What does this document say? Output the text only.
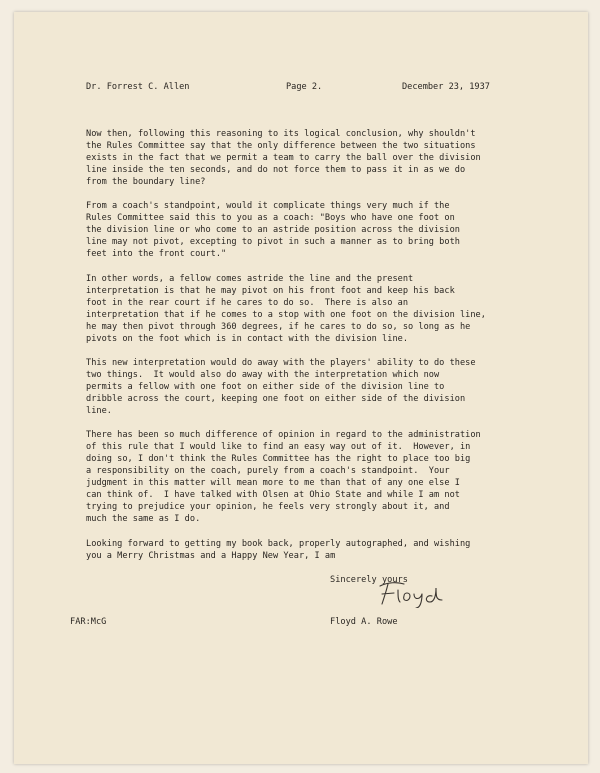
Dr. Forrest C. Allen	Page 2.	December 23, 1937
Now then, following this reasoning to its logical conclusion, why shouldn't
the Rules Committee say that the only difference between the two situations
exists in the fact that we permit a team to carry the ball over the division
line inside the ten seconds, and do not force them to pass it in as we do
from the boundary line?
From a coach's standpoint, would it complicate things very much if the
Rules Committee said this to you as a coach: "Boys who have one foot on
the division line or who come to an astride position across the division
line may not pivot, excepting to pivot in such a manner as to bring both
feet into the front court."
In other words, a fellow comes astride the line and the present
interpretation is that he may pivot on his front foot and keep his back
foot in the rear court if he cares to do so.  There is also an
interpretation that if he comes to a stop with one foot on the division line,
he may then pivot through 360 degrees, if he cares to do so, so long as he
pivots on the foot which is in contact with the division line.
This new interpretation would do away with the players' ability to do these
two things.  It would also do away with the interpretation which now
permits a fellow with one foot on either side of the division line to
dribble across the court, keeping one foot on either side of the division
line.
There has been so much difference of opinion in regard to the administration
of this rule that I would like to find an easy way out of it.  However, in
doing so, I don't think the Rules Committee has the right to place too big
a responsibility on the coach, purely from a coach's standpoint.  Your
judgment in this matter will mean more to me than that of any one else I
can think of.  I have talked with Olsen at Ohio State and while I am not
trying to prejudice your opinion, he feels very strongly about it, and
much the same as I do.
Looking forward to getting my book back, properly autographed, and wishing
you a Merry Christmas and a Happy New Year, I am
Sincerely yours
FAR:McG	Floyd A. Rowe
